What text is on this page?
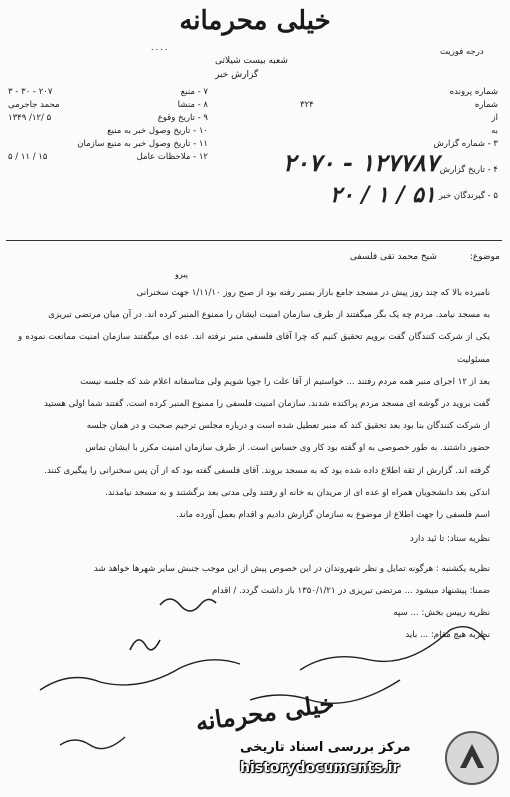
خیلی محرمانه
۰۰۰۰	درجه فوریت
شعبه بیست شیلاتی
گزارش خبر
۷ - منبع
۲۰۷ - ۳۰ - ۳
۸ - منشا
محمد جاجرمی
۹ - تاریخ وقوع
۵ /۱۲/ ۱۳۴۹
۱۰ - تاریخ وصول خبر به منبع
۱۱ - تاریخ وصول خبر به منبع سازمان
۱۲ - ملاحظات عامل
۱۵ / ۱۱ / ۵
شماره پرونده
شماره
۳۲۴
از
به
۳ - شماره گزارش
۴ - تاریخ گزارش
۵ - گیرندگان خبر
۲۰۷۰ - ۱۲۷۷۸۷
۲۰ / ۱ / ۵۱
موضوع: شیخ محمد تقی فلسفی
پیرو

نامبرده بالا که چند روز پیش در مسجد جامع بازار بمنبر رفته بود از صبح روز ۱/۱۱/۱۰ جهت سخنرانی

به مسجد نیامد. مردم چه یک بگر میگفتند از طرف سازمان امنیت ایشان را ممنوع المنبر کرده اند. در آن میان مرتضی تبریزی

یکی از شرکت کنندگان گفت برویم تحقیق کنیم که چرا آقای فلسفی منبر نرفته اند. عده ای میگفتند سازمان امنیت ممانعت نموده و مسئولیت

بعد از ۱۲ اجرای منبر همه مردم رفتند ... خواستیم از آقا علت را جویا شویم ولی متاسفانه اعلام شد که جلسه نیست

گفت بروید در گوشه ای مسجد مردم پراکنده شدند. سازمان امنیت فلسفی را ممنوع المنبر کرده است. گفتند شما اولی هستید

از شرکت کنندگان بنا بود بعد تحقیق کند که منبر تعطیل شده است و درباره مجلس ترحیم صحبت و در همان جلسه

حضور داشتند. به طور خصوصی به او گفته بود کار وی حساس است. از طرف سازمان امنیت مکرر با ایشان تماس

گرفته اند. گزارش از ثقه اطلاع داده شده بود که به مسجد بروند. آقای فلسفی گفته بود که از آن پس سخنرانی را پیگیری کنند.

اندکی بعد دانشجویان همراه او عده ای از مریدان به خانه او رفتند ولی مدتی بعد برگشتند و به مسجد نیامدند.

اسم فلسفی را جهت اطلاع از موضوع به سازمان گزارش دادیم و اقدام بعمل آورده ماند.

نظریه ستاد: تا ئید دارد
نظریه یکشنبه : هرگونه تمایل و نظر شهروندان در این خصوص پیش از این موجب جنبش سایر شهرها خواهد شد
ضمنا: پیشنهاد میشود ... مرتضی تبریزی در ۱۳۵۰/۱/۲۱ باز داشت گردد. / اقدام
نظریه رییس بخش: ... سپه
نظریه هیچ مقام: ... باید
خیلی محرمانه
مرکز بررسی اسناد تاریخی
historydocuments.ir
